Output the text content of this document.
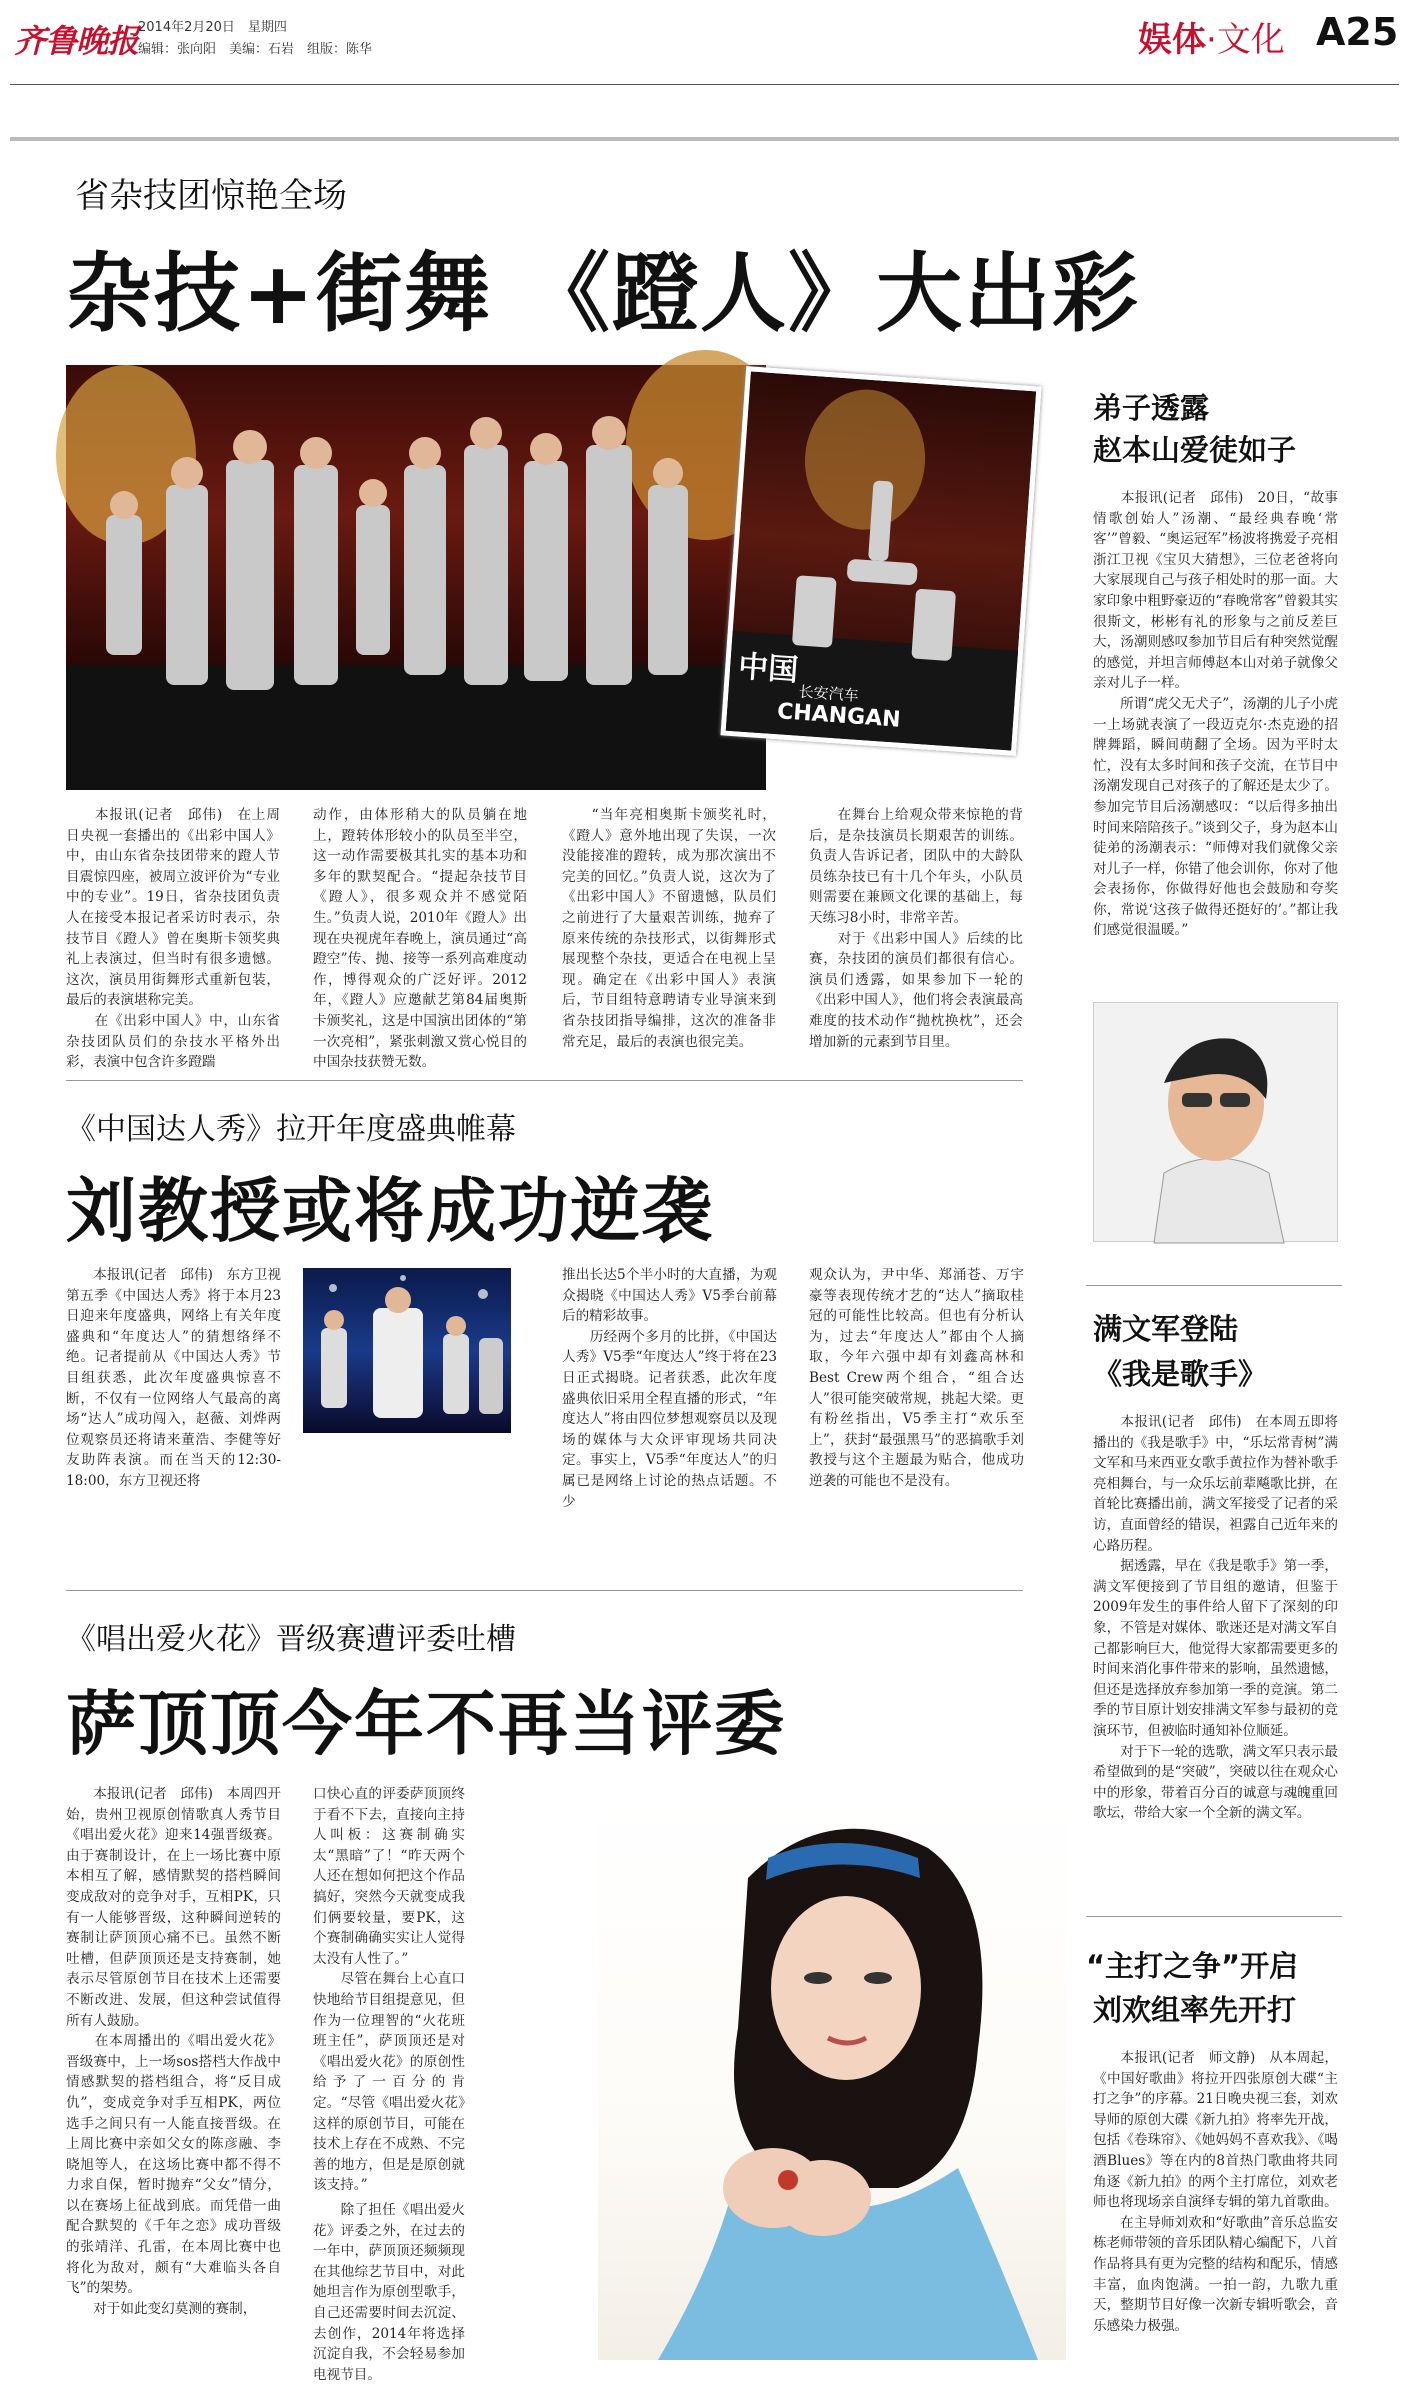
齐鲁晚报 2014年2月20日　星期四
编辑：张向阳　美编：石岩　组版：陈华	娱体·文化 A25
省杂技团惊艳全场
杂技+街舞 《蹬人》大出彩
中国
长安汽车
CHANGAN
　　本报讯(记者　邱伟)　在上周日央视一套播出的《出彩中国人》中，由山东省杂技团带来的蹬人节目震惊四座，被周立波评价为“专业中的专业”。19日，省杂技团负责人在接受本报记者采访时表示，杂技节目《蹬人》曾在奥斯卡领奖典礼上表演过，但当时有很多遗憾。这次，演员用街舞形式重新包装，最后的表演堪称完美。
　　在《出彩中国人》中，山东省杂技团队员们的杂技水平格外出彩，表演中包含许多蹬踹
动作，由体形稍大的队员躺在地上，蹬转体形较小的队员至半空，这一动作需要极其扎实的基本功和多年的默契配合。“提起杂技节目《蹬人》，很多观众并不感觉陌生。”负责人说，2010年《蹬人》出现在央视虎年春晚上，演员通过“高蹬空”传、抛、接等一系列高难度动作，博得观众的广泛好评。2012年，《蹬人》应邀献艺第84届奥斯卡颁奖礼，这是中国演出团体的“第一次亮相”，紧张刺激又赏心悦目的中国杂技获赞无数。
　　“当年亮相奥斯卡颁奖礼时，《蹬人》意外地出现了失误，一次没能接准的蹬转，成为那次演出不完美的回忆。”负责人说，这次为了《出彩中国人》不留遗憾，队员们之前进行了大量艰苦训练，抛弃了原来传统的杂技形式，以街舞形式展现整个杂技，更适合在电视上呈现。确定在《出彩中国人》表演后，节目组特意聘请专业导演来到省杂技团指导编排，这次的准备非常充足，最后的表演也很完美。
　　在舞台上给观众带来惊艳的背后，是杂技演员长期艰苦的训练。负责人告诉记者，团队中的大龄队员练杂技已有十几个年头，小队员则需要在兼顾文化课的基础上，每天练习8小时，非常辛苦。
　　对于《出彩中国人》后续的比赛，杂技团的演员们都很有信心。演员们透露，如果参加下一轮的《出彩中国人》，他们将会表演最高难度的技术动作“抛枕换枕”，还会增加新的元素到节目里。
弟子透露
赵本山爱徒如子
　　本报讯(记者　邱伟)　20日，“故事情歌创始人”汤潮、“最经典春晚‘常客’”曾毅、“奥运冠军”杨波将携爱子亮相浙江卫视《宝贝大猜想》，三位老爸将向大家展现自己与孩子相处时的那一面。大家印象中粗野豪迈的“春晚常客”曾毅其实很斯文，彬彬有礼的形象与之前反差巨大，汤潮则感叹参加节目后有种突然觉醒的感觉，并坦言师傅赵本山对弟子就像父亲对儿子一样。
　　所谓“虎父无犬子”，汤潮的儿子小虎一上场就表演了一段迈克尔·杰克逊的招牌舞蹈，瞬间萌翻了全场。因为平时太忙，没有太多时间和孩子交流，在节目中汤潮发现自己对孩子的了解还是太少了。参加完节目后汤潮感叹：“以后得多抽出时间来陪陪孩子。”谈到父子，身为赵本山徒弟的汤潮表示：“师傅对我们就像父亲对儿子一样，你错了他会训你，你对了他会表扬你，你做得好他也会鼓励和夸奖你，常说‘这孩子做得还挺好的’。”都让我们感觉很温暖。”
《中国达人秀》拉开年度盛典帷幕
刘教授或将成功逆袭
　　本报讯(记者　邱伟)　东方卫视第五季《中国达人秀》将于本月23日迎来年度盛典，网络上有关年度盛典和“年度达人”的猜想络绎不绝。记者提前从《中国达人秀》节目组获悉，此次年度盛典惊喜不断，不仅有一位网络人气最高的离场“达人”成功闯入，赵薇、刘烨两位观察员还将请来董浩、李健等好友助阵表演。而在当天的12:30-18:00，东方卫视还将
推出长达5个半小时的大直播，为观众揭晓《中国达人秀》V5季台前幕后的精彩故事。
　　历经两个多月的比拼，《中国达人秀》V5季“年度达人”终于将在23日正式揭晓。记者获悉，此次年度盛典依旧采用全程直播的形式，“年度达人”将由四位梦想观察员以及现场的媒体与大众评审现场共同决定。事实上，V5季“年度达人”的归属已是网络上讨论的热点话题。不少
观众认为，尹中华、郑涌苍、万宇豪等表现传统才艺的“达人”摘取桂冠的可能性比较高。但也有分析认为，过去“年度达人”都由个人摘取，今年六强中却有刘鑫高林和Best Crew两个组合，“组合达人”很可能突破常规，挑起大梁。更有粉丝指出，V5季主打“欢乐至上”，获封“最强黑马”的恶搞歌手刘教授与这个主题最为贴合，他成功逆袭的可能也不是没有。
满文军登陆
《我是歌手》
　　本报讯(记者　邱伟)　在本周五即将播出的《我是歌手》中，“乐坛常青树”满文军和马来西亚女歌手黄拉作为替补歌手亮相舞台，与一众乐坛前辈飚歌比拼，在首轮比赛播出前，满文军接受了记者的采访，直面曾经的错误，袒露自己近年来的心路历程。
　　据透露，早在《我是歌手》第一季，满文军便接到了节目组的邀请，但鉴于2009年发生的事件给人留下了深刻的印象，不管是对媒体、歌迷还是对满文军自己都影响巨大，他觉得大家都需要更多的时间来消化事件带来的影响，虽然遗憾，但还是选择放弃参加第一季的竞演。第二季的节目原计划安排满文军参与最初的竞演环节，但被临时通知补位顺延。
　　对于下一轮的选歌，满文军只表示最希望做到的是“突破”，突破以往在观众心中的形象，带着百分百的诚意与魂魄重回歌坛，带给大家一个全新的满文军。
《唱出爱火花》晋级赛遭评委吐槽
萨顶顶今年不再当评委
　　本报讯(记者　邱伟)　本周四开始，贵州卫视原创情歌真人秀节目《唱出爱火花》迎来14强晋级赛。由于赛制设计，在上一场比赛中原本相互了解，感情默契的搭档瞬间变成敌对的竞争对手，互相PK，只有一人能够晋级，这种瞬间逆转的赛制让萨顶顶心痛不已。虽然不断吐槽，但萨顶顶还是支持赛制，她表示尽管原创节目在技术上还需要不断改进、发展，但这种尝试值得所有人鼓励。
　　在本周播出的《唱出爱火花》晋级赛中，上一场sos搭档大作战中情感默契的搭档组合，将“反目成仇”，变成竞争对手互相PK，两位选手之间只有一人能直接晋级。在上周比赛中亲如父女的陈彦融、李晓旭等人，在这场比赛中都不得不力求自保，暂时抛弃“父女”情分，以在赛场上征战到底。而凭借一曲配合默契的《千年之恋》成功晋级的张靖洋、孔雷，在本周比赛中也将化为敌对，颇有“大难临头各自飞”的架势。
　　对于如此变幻莫测的赛制，
口快心直的评委萨顶顶终于看不下去，直接向主持人叫板：这赛制确实太“黑暗”了！“昨天两个人还在想如何把这个作品搞好，突然今天就变成我们俩要较量，要PK，这个赛制确确实实让人觉得太没有人性了。”
　　尽管在舞台上心直口快地给节目组提意见，但作为一位理智的“火花班班主任”，萨顶顶还是对《唱出爱火花》的原创性给予了一百分的肯定。“尽管《唱出爱火花》这样的原创节目，可能在技术上存在不成熟、不完善的地方，但是是原创就该支持。”
　　除了担任《唱出爱火花》评委之外，在过去的一年中，萨顶顶还频频现在其他综艺节目中，对此她坦言作为原创型歌手，自己还需要时间去沉淀、去创作，2014年将选择沉淀自我，不会轻易参加电视节目。
“主打之争”开启
刘欢组率先开打
　　本报讯(记者　师文静)　从本周起，《中国好歌曲》将拉开四张原创大碟“主打之争”的序幕。21日晚央视三套，刘欢导师的原创大碟《新九拍》将率先开战，包括《卷珠帘》、《她妈妈不喜欢我》、《喝酒Blues》等在内的8首热门歌曲将共同角逐《新九拍》的两个主打席位，刘欢老师也将现场亲自演绎专辑的第九首歌曲。
　　在主导师刘欢和“好歌曲”音乐总监安栋老师带领的音乐团队精心编配下，八首作品将具有更为完整的结构和配乐，情感丰富，血肉饱满。一拍一韵，九歌九重天，整期节目好像一次新专辑听歌会，音乐感染力极强。
